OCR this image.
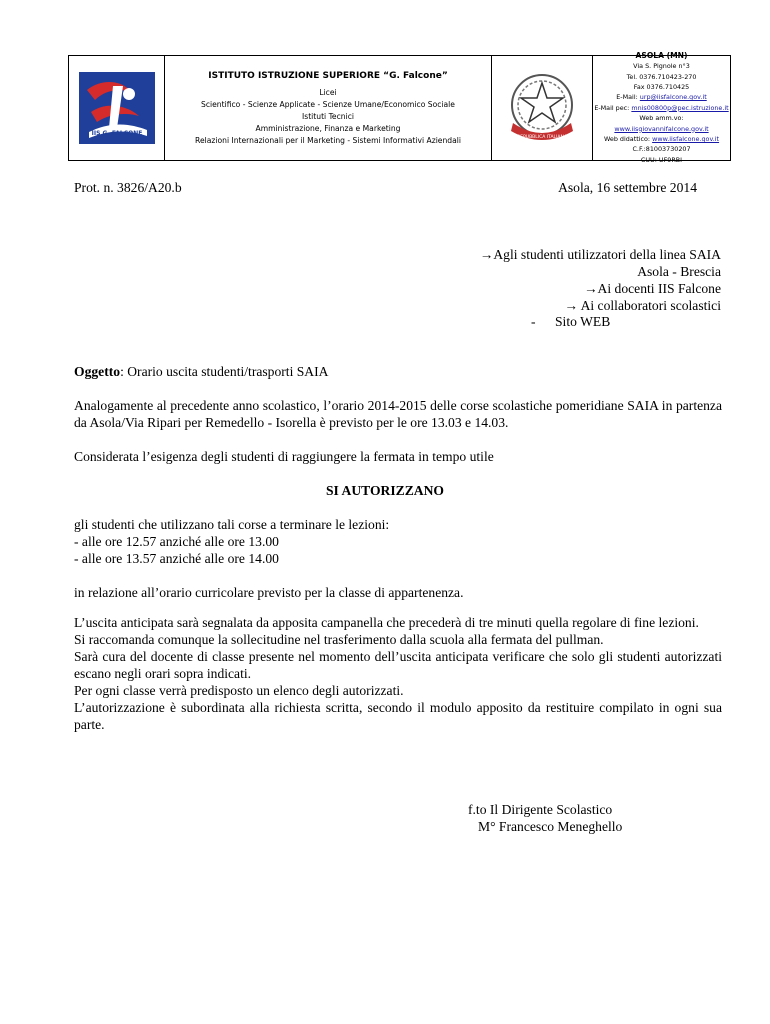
IIS G. FALCONE
ISTITUTO ISTRUZIONE SUPERIORE “G. Falcone”
Licei
Scientifico - Scienze Applicate - Scienze Umane/Economico Sociale
Istituti Tecnici
Amministrazione, Finanza e Marketing
Relazioni Internazionali per il Marketing - Sistemi Informativi Aziendali	REPUBBLICA ITALIANA
ASOLA (MN)
Via S. Pignole n°3
Tel. 0376.710423-270
Fax 0376.710425
E-Mail: urp@iisfalcone.gov.it
E-Mail pec: mnis00800p@pec.istruzione.it
Web amm.vo: www.iisgiovannifalcone.gov.it
Web didattico: www.iisfalcone.gov.it
C.F.:81003730207
CUU: UF9RBI
Prot. n. 3826/A20.b	Asola, 16 settembre 2014
→Agli studenti utilizzatori della linea SAIA
Asola - Brescia
→Ai docenti IIS Falcone
→ Ai collaboratori scolastici
- Sito WEB
Oggetto: Orario uscita studenti/trasporti SAIA
Analogamente al precedente anno scolastico, l’orario 2014-2015 delle corse scolastiche pomeridiane SAIA in partenza da Asola/Via Ripari per Remedello - Isorella è previsto per le ore 13.03 e 14.03.
Considerata l’esigenza degli studenti di raggiungere la fermata in tempo utile
SI AUTORIZZANO
gli studenti che utilizzano tali corse a terminare le lezioni:
- alle ore 12.57 anziché alle ore 13.00
- alle ore 13.57 anziché alle ore 14.00
in relazione all’orario curricolare previsto per la classe di appartenenza.
L’uscita anticipata sarà segnalata da apposita campanella che precederà di tre minuti quella regolare di fine lezioni.
Si raccomanda comunque la sollecitudine nel trasferimento dalla scuola alla fermata del pullman.
Sarà cura del docente di classe presente nel momento dell’uscita anticipata verificare che solo gli studenti autorizzati escano negli orari sopra indicati.
Per ogni classe verrà predisposto un elenco degli autorizzati.
L’autorizzazione è subordinata alla richiesta scritta, secondo il modulo apposito da restituire compilato in ogni sua parte.
f.to Il Dirigente Scolastico
M° Francesco Meneghello
